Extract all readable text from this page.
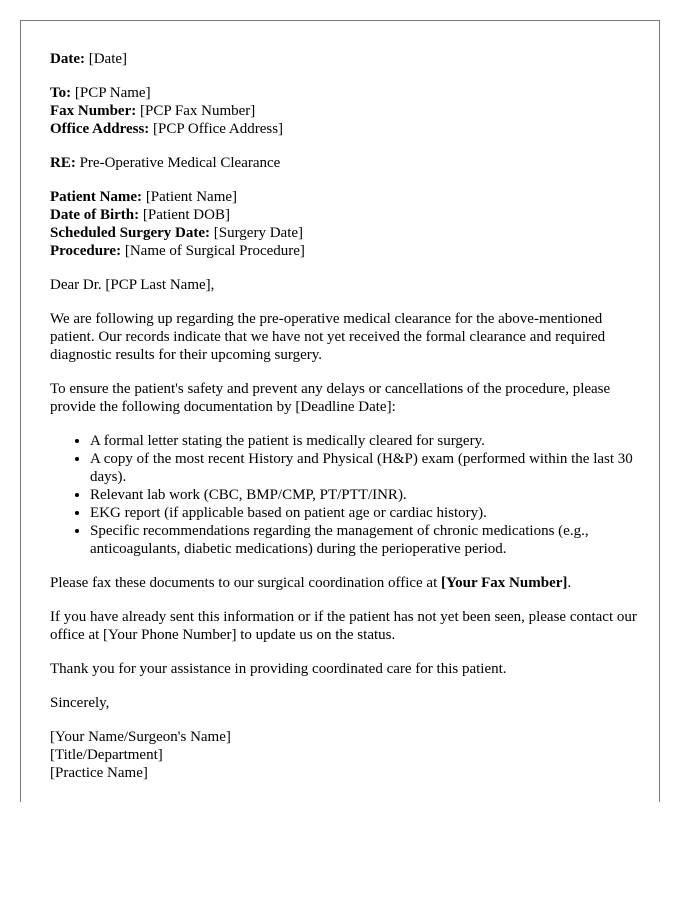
Date: [Date]

To: [PCP Name]

Fax Number: [PCP Fax Number]

Office Address: [PCP Office Address]

RE: Pre-Operative Medical Clearance

Patient Name: [Patient Name]

Date of Birth: [Patient DOB]

Scheduled Surgery Date: [Surgery Date]

Procedure: [Name of Surgical Procedure]

Dear Dr. [PCP Last Name],

We are following up regarding the pre-operative medical clearance for the above-mentioned patient. Our records indicate that we have not yet received the formal clearance and required diagnostic results for their upcoming surgery.

To ensure the patient's safety and prevent any delays or cancellations of the procedure, please provide the following documentation by [Deadline Date]:

• A formal letter stating the patient is medically cleared for surgery.
• A copy of the most recent History and Physical (H&P) exam (performed within the last 30 days).
• Relevant lab work (CBC, BMP/CMP, PT/PTT/INR).
• EKG report (if applicable based on patient age or cardiac history).
• Specific recommendations regarding the management of chronic medications (e.g., anticoagulants, diabetic medications) during the perioperative period.

Please fax these documents to our surgical coordination office at [Your Fax Number].

If you have already sent this information or if the patient has not yet been seen, please contact our office at [Your Phone Number] to update us on the status.

Thank you for your assistance in providing coordinated care for this patient.

Sincerely,

[Your Name/Surgeon's Name]

[Title/Department]

[Practice Name]
